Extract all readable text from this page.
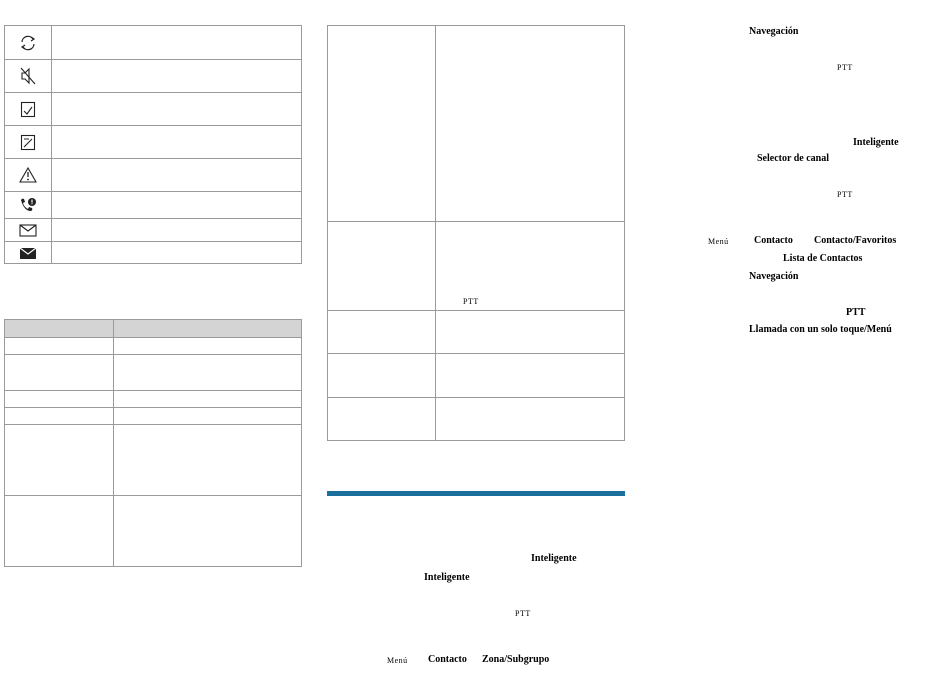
PTT
Inteligente
Inteligente
PTT
Menú Contacto Zona/Subgrupo
Navegación
PTT
Inteligente
Selector de canal
PTT
Menú	Contacto Contacto/Favoritos
Lista de Contactos
Navegación
PTT
Llamada con un solo toque/Menú
